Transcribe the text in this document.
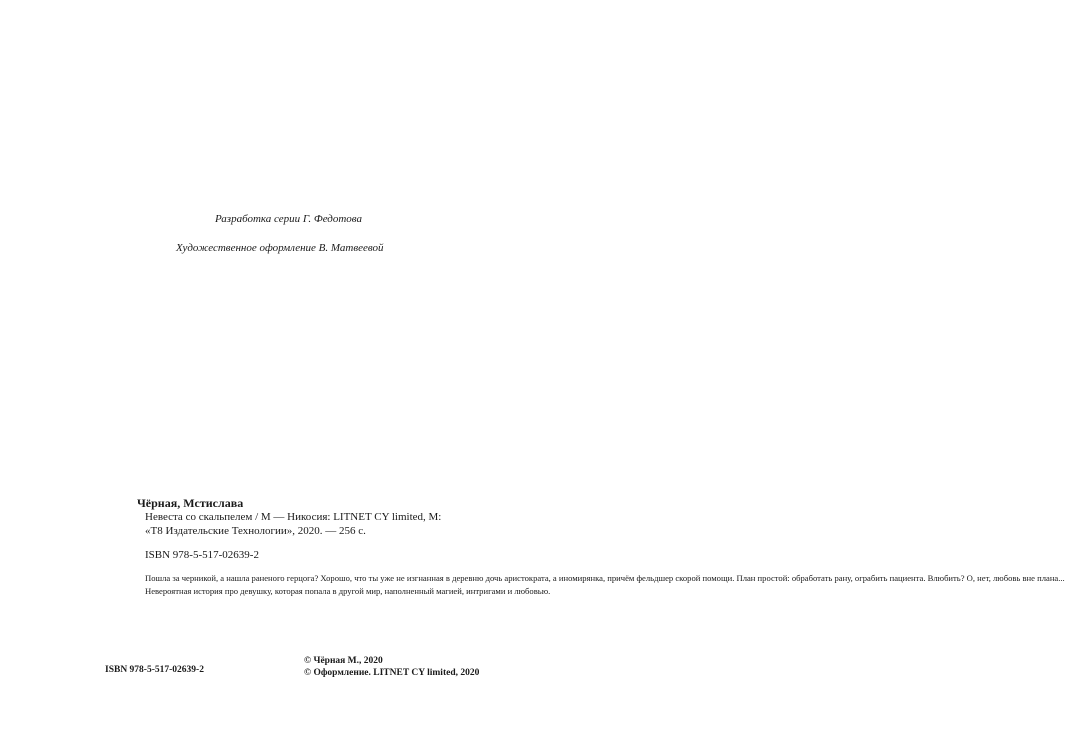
Разработка серии Г. Федотова
Художественное оформление В. Матвеевой
Чёрная, Мстислава
Невеста со скальпелем / М — Никосия: LITNET CY limited, М:
«Т8 Издательские Технологии», 2020. — 256 с.
ISBN 978-5-517-02639-2

Пошла за черникой, а нашла раненого герцога? Хорошо, что ты уже не изгнанная в деревню дочь аристократа, а иномирянка, причём фельдшер скорой помощи. План простой: обработать рану, ограбить пациента. Влюбить? О, нет, любовь вне плана...

Невероятная история про девушку, которая попала в другой мир, наполненный магией, интригами и любовью.

ISBN 978-5-517-02639-2
© Чёрная М., 2020
© Оформление. LITNET CY limited, 2020
